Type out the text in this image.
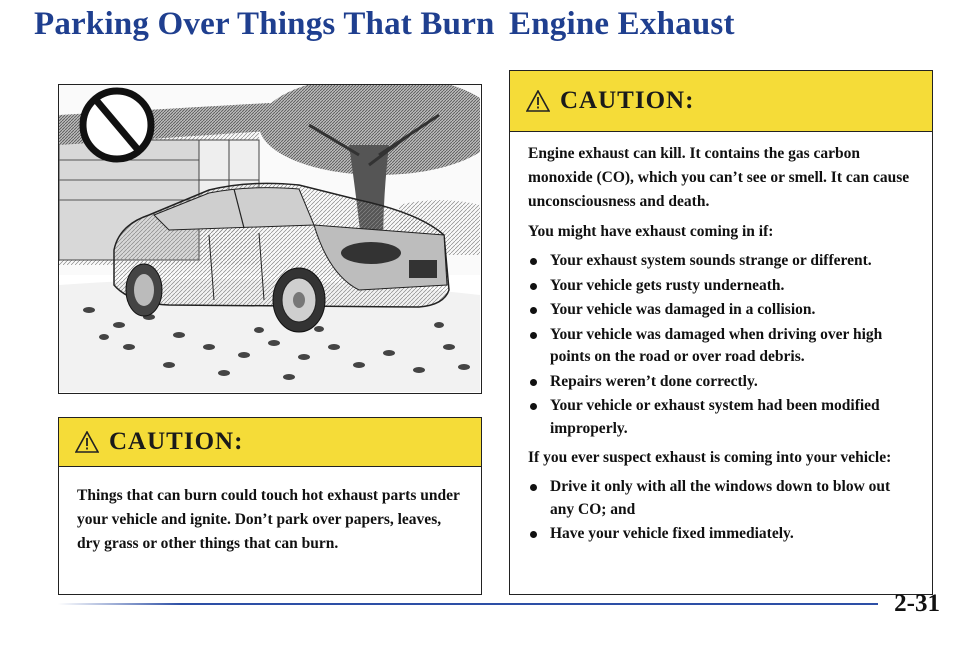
Parking Over Things That Burn Engine Exhaust
CAUTION:

Things that can burn could touch hot exhaust parts under your vehicle and ignite. Don’t park over papers, leaves, dry grass or other things that can burn.

CAUTION:

Engine exhaust can kill. It contains the gas carbon monoxide (CO), which you can’t see or smell. It can cause unconsciousness and death.

You might have exhaust coming in if:

Your exhaust system sounds strange or different.
Your vehicle gets rusty underneath.
Your vehicle was damaged in a collision.
Your vehicle was damaged when driving over high points on the road or over road debris.
Repairs weren’t done correctly.
Your vehicle or exhaust system had been modified improperly.

If you ever suspect exhaust is coming into your vehicle:

Drive it only with all the windows down to blow out any CO; and
Have your vehicle fixed immediately.
2-31
